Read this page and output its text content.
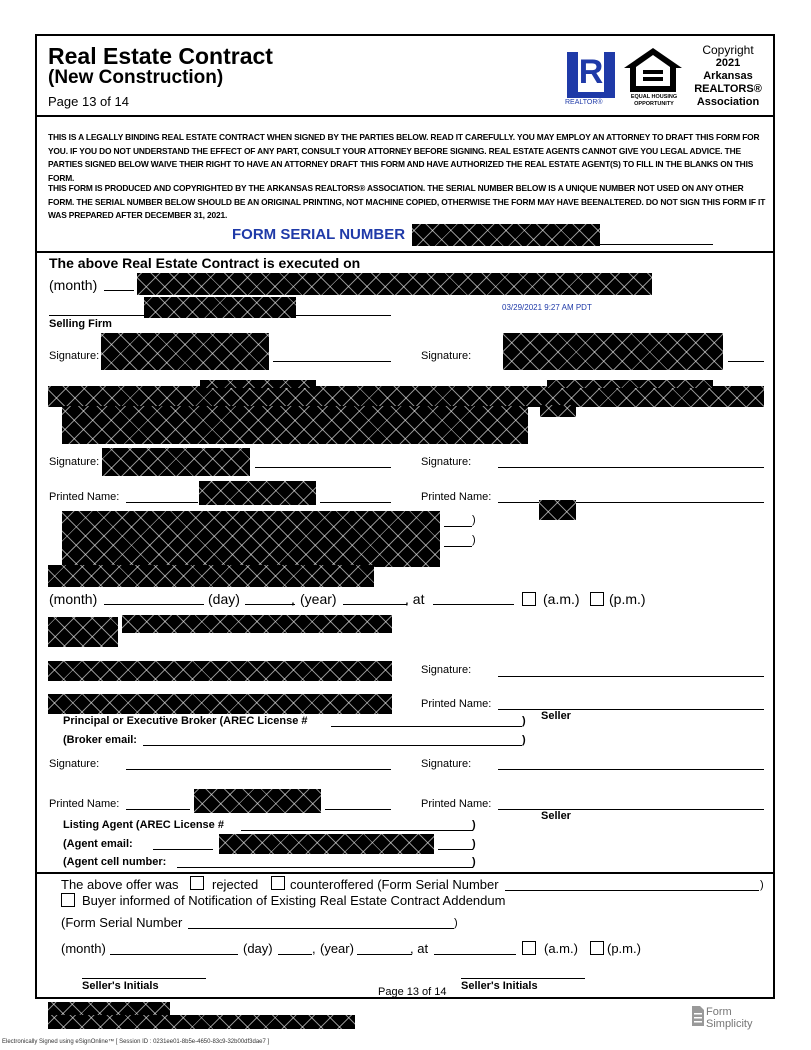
Real Estate Contract
(New Construction)
Page 13 of 14
R
REALTOR®
EQUAL HOUSING
OPPORTUNITY
Copyright
2021
Arkansas
REALTORS®
Association
THIS IS A LEGALLY BINDING REAL ESTATE CONTRACT WHEN SIGNED BY THE PARTIES BELOW. READ IT CAREFULLY. YOU MAY EMPLOY AN ATTORNEY TO DRAFT THIS FORM FOR YOU. IF YOU DO NOT UNDERSTAND THE EFFECT OF ANY PART, CONSULT YOUR ATTORNEY BEFORE SIGNING. REAL ESTATE AGENTS CANNOT GIVE YOU LEGAL ADVICE. THE PARTIES SIGNED BELOW WAIVE THEIR RIGHT TO HAVE AN ATTORNEY DRAFT THIS FORM AND HAVE AUTHORIZED THE REAL ESTATE AGENT(S) TO FILL IN THE BLANKS ON THIS FORM.
THIS FORM IS PRODUCED AND COPYRIGHTED BY THE ARKANSAS REALTORS® ASSOCIATION. THE SERIAL NUMBER BELOW IS A UNIQUE NUMBER NOT USED ON ANY OTHER FORM. THE SERIAL NUMBER BELOW SHOULD BE AN ORIGINAL PRINTING, NOT MACHINE COPIED, OTHERWISE THE FORM MAY HAVE BEENALTERED. DO NOT SIGN THIS FORM IF IT WAS PREPARED AFTER DECEMBER 31, 2021.
FORM SERIAL NUMBER
The above Real Estate Contract is executed on
(month)
03/29/2021 9:27 AM PDT
Selling Firm
Signature:	Signature:
Signature:	Signature:
Printed Name:	Printed Name:
)
)
(month)	(day)	, (year)	, at	(a.m.) (p.m.)
Signature:
Printed Name:
Seller
Principal or Executive Broker (AREC License #	)
(Broker email:	)
Signature:	Signature:
Printed Name:	Printed Name:
Seller
Listing Agent (AREC License #	)
(Agent email:	)
(Agent cell number:	)
The above offer was	rejected counteroffered (Form Serial Number	)
Buyer informed of Notification of Existing Real Estate Contract Addendum
(Form Serial Number	)
(month)	(day)	, (year)	, at	(a.m.) (p.m.)
Seller's Initials	Page 13 of 14 Seller's Initials
Form
Simplicity
Electronically Signed using eSignOnline™ [ Session ID : 0231ee01-8b5e-4650-83c9-32b00df3dae7 ]
